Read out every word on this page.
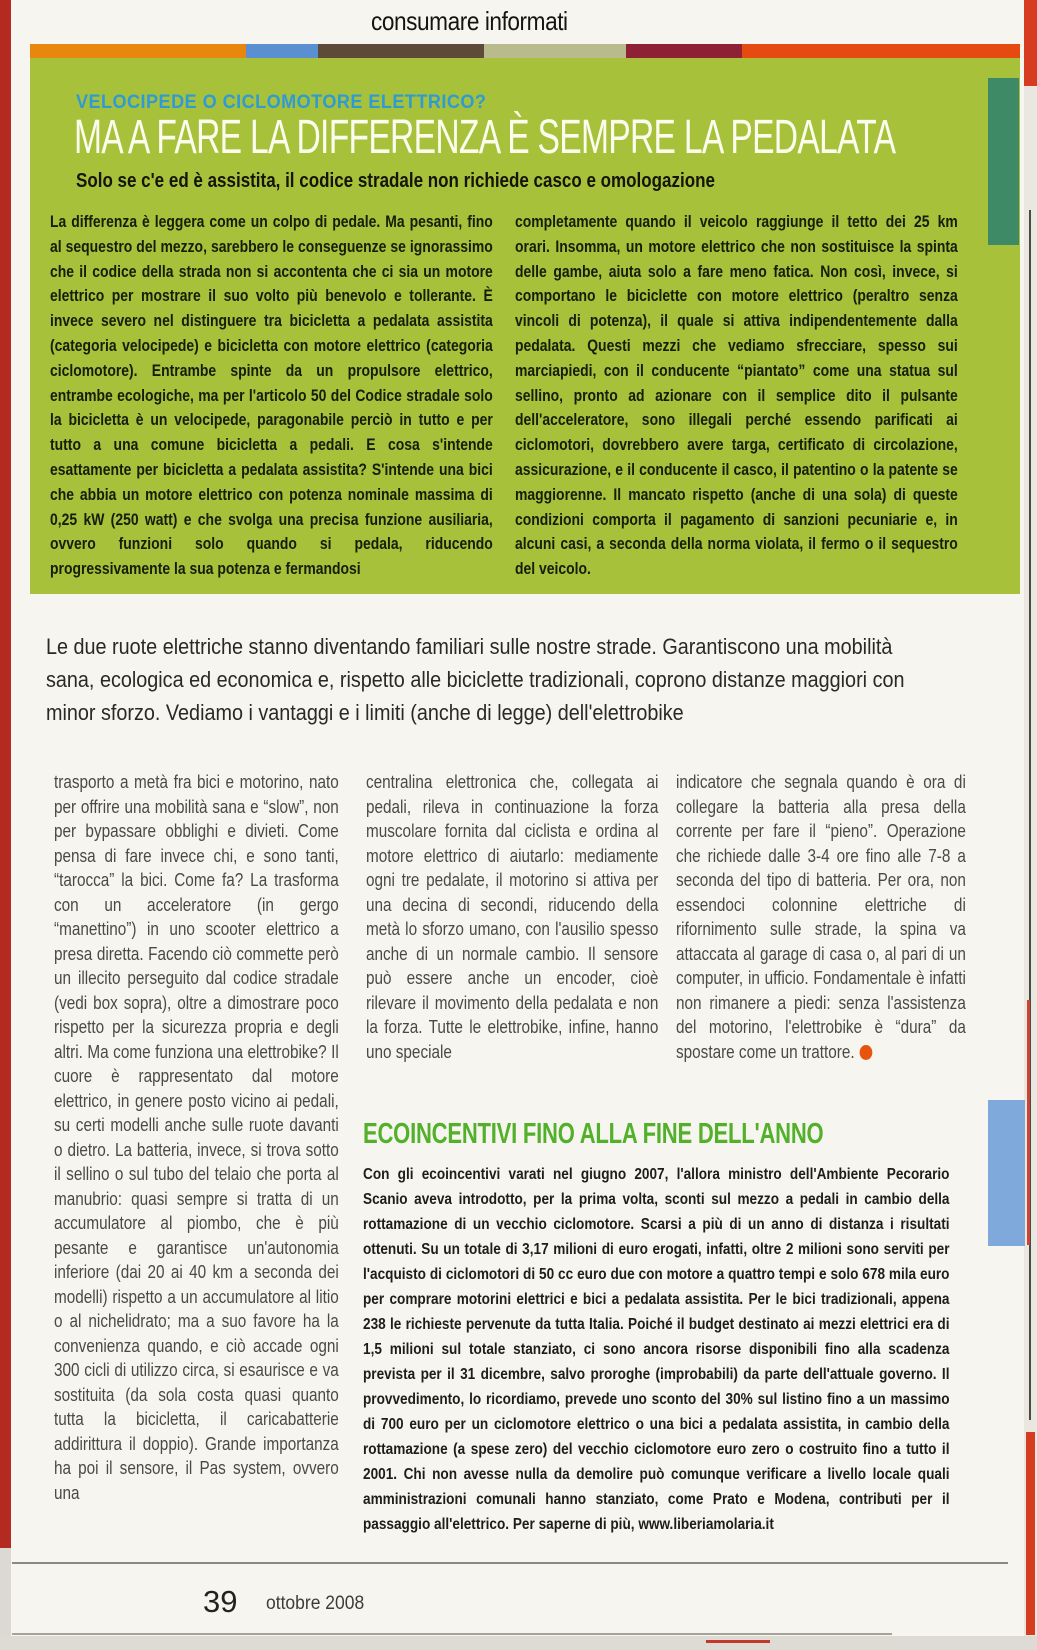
consumare informati
VELOCIPEDE O CICLOMOTORE ELETTRICO?
MA A FARE LA DIFFERENZA È SEMPRE LA PEDALATA
Solo se c'e ed è assistita, il codice stradale non richiede casco e omologazione
La differenza è leggera come un colpo di pedale. Ma pesanti, fino al sequestro del mezzo, sarebbero le conseguenze se ignorassimo che il codice della strada non si accontenta che ci sia un motore elettrico per mostrare il suo volto più benevolo e tollerante. È invece severo nel distinguere tra bicicletta a pedalata assistita (categoria velocipede) e bicicletta con motore elettrico (categoria ciclomotore). Entrambe spinte da un propulsore elettrico, entrambe ecologiche, ma per l'articolo 50 del Codice stradale solo la bicicletta è un velocipede, paragonabile perciò in tutto e per tutto a una comune bicicletta a pedali. E cosa s'intende esattamente per bicicletta a pedalata assistita? S'intende una bici che abbia un motore elettrico con potenza nominale massima di 0,25 kW (250 watt) e che svolga una precisa funzione ausiliaria, ovvero funzioni solo quando si pedala, riducendo progressivamente la sua potenza e fermandosi
completamente quando il veicolo raggiunge il tetto dei 25 km orari. Insomma, un motore elettrico che non sostituisce la spinta delle gambe, aiuta solo a fare meno fatica. Non così, invece, si comportano le biciclette con motore elettrico (peraltro senza vincoli di potenza), il quale si attiva indipendentemente dalla pedalata. Questi mezzi che vediamo sfrecciare, spesso sui marciapiedi, con il conducente “piantato” come una statua sul sellino, pronto ad azionare con il semplice dito il pulsante dell'acceleratore, sono illegali perché essendo parificati ai ciclomotori, dovrebbero avere targa, certificato di circolazione, assicurazione, e il conducente il casco, il patentino o la patente se maggiorenne. Il mancato rispetto (anche di una sola) di queste condizioni comporta il pagamento di sanzioni pecuniarie e, in alcuni casi, a seconda della norma violata, il fermo o il sequestro del veicolo.
Le due ruote elettriche stanno diventando familiari sulle nostre strade. Garantiscono una mobilità sana, ecologica ed economica e, rispetto alle biciclette tradizionali, coprono distanze maggiori con minor sforzo. Vediamo i vantaggi e i limiti (anche di legge) dell'elettrobike
trasporto a metà fra bici e motorino, nato per offrire una mobilità sana e “slow”, non per bypassare obblighi e divieti. Come pensa di fare invece chi, e sono tanti, “tarocca” la bici. Come fa? La trasforma con un acceleratore (in gergo “manettino”) in uno scooter elettrico a presa diretta. Facendo ciò commette però un illecito perseguito dal codice stradale (vedi box sopra), oltre a dimostrare poco rispetto per la sicurezza propria e degli altri. Ma come funziona una elettrobike? Il cuore è rappresentato dal motore elettrico, in genere posto vicino ai pedali, su certi modelli anche sulle ruote davanti o dietro. La batteria, invece, si trova sotto il sellino o sul tubo del telaio che porta al manubrio: quasi sempre si tratta di un accumulatore al piombo, che è più pesante e garantisce un'autonomia inferiore (dai 20 ai 40 km a seconda dei modelli) rispetto a un accumulatore al litio o al nichelidrato; ma a suo favore ha la convenienza quando, e ciò accade ogni 300 cicli di utilizzo circa, si esaurisce e va sostituita (da sola costa quasi quanto tutta la bicicletta, il caricabatterie addirittura il doppio). Grande importanza ha poi il sensore, il Pas system, ovvero una
centralina elettronica che, collegata ai pedali, rileva in continuazione la forza muscolare fornita dal ciclista e ordina al motore elettrico di aiutarlo: mediamente ogni tre pedalate, il motorino si attiva per una decina di secondi, riducendo della metà lo sforzo umano, con l'ausilio spesso anche di un normale cambio. Il sensore può essere anche un encoder, cioè rilevare il movimento della pedalata e non la forza. Tutte le elettrobike, infine, hanno uno speciale
indicatore che segnala quando è ora di collegare la batteria alla presa della corrente per fare il “pieno”. Operazione che richiede dalle 3-4 ore fino alle 7-8 a seconda del tipo di batteria. Per ora, non essendoci colonnine elettriche di rifornimento sulle strade, la spina va attaccata al garage di casa o, al pari di un computer, in ufficio. Fondamentale è infatti non rimanere a piedi: senza l'assistenza del motorino, l'elettrobike è “dura” da spostare come un trattore.
ECOINCENTIVI FINO ALLA FINE DELL'ANNO
Con gli ecoincentivi varati nel giugno 2007, l'allora ministro dell'Ambiente Pecorario Scanio aveva introdotto, per la prima volta, sconti sul mezzo a pedali in cambio della rottamazione di un vecchio ciclomotore. Scarsi a più di un anno di distanza i risultati ottenuti. Su un totale di 3,17 milioni di euro erogati, infatti, oltre 2 milioni sono serviti per l'acquisto di ciclomotori di 50 cc euro due con motore a quattro tempi e solo 678 mila euro per comprare motorini elettrici e bici a pedalata assistita. Per le bici tradizionali, appena 238 le richieste pervenute da tutta Italia. Poiché il budget destinato ai mezzi elettrici era di 1,5 milioni sul totale stanziato, ci sono ancora risorse disponibili fino alla scadenza prevista per il 31 dicembre, salvo proroghe (improbabili) da parte dell'attuale governo. Il provvedimento, lo ricordiamo, prevede uno sconto del 30% sul listino fino a un massimo di 700 euro per un ciclomotore elettrico o una bici a pedalata assistita, in cambio della rottamazione (a spese zero) del vecchio ciclomotore euro zero o costruito fino a tutto il 2001. Chi non avesse nulla da demolire può comunque verificare a livello locale quali amministrazioni comunali hanno stanziato, come Prato e Modena, contributi per il passaggio all'elettrico. Per saperne di più, www.liberiamolaria.it
39 ottobre 2008
